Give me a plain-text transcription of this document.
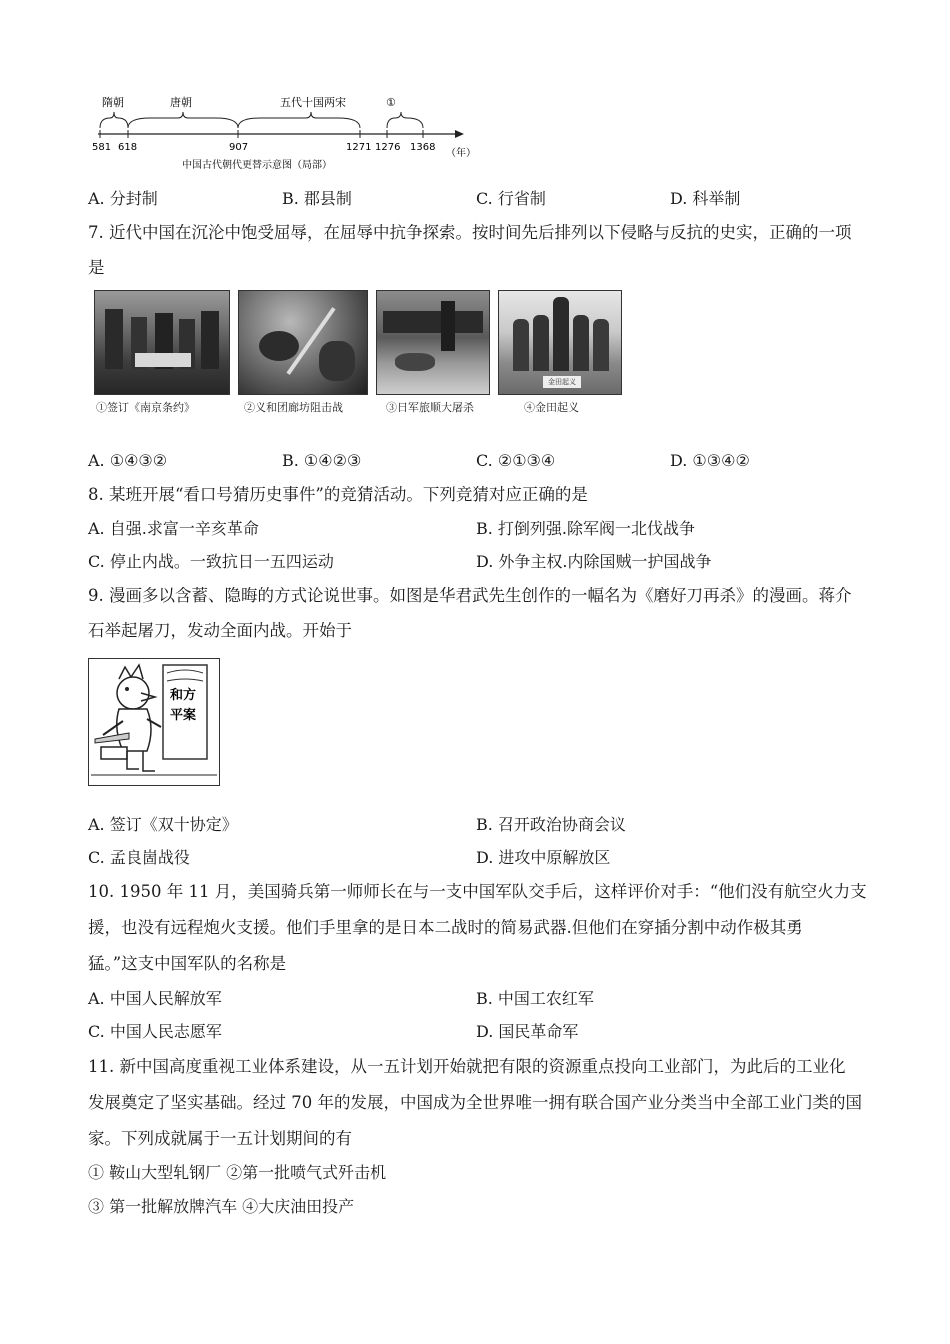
隋朝	唐朝	五代十国两宋	①
581 618	907	1271 1276 1368
（年）
中国古代朝代更替示意图（局部）
A. 分封制	B. 郡县制	C. 行省制	D. 科举制
7. 近代中国在沉沦中饱受屈辱，在屈辱中抗争探索。按时间先后排列以下侵略与反抗的史实，正确的一项
是
①签订《南京条约》	②义和团廊坊阻击战	③日军旅顺大屠杀
金田起义
④金田起义
A. ①④③②	B. ①④②③	C. ②①③④	D. ①③④②
8. 某班开展“看口号猜历史事件”的竞猜活动。下列竞猜对应正确的是
A. 自强.求富一辛亥革命	B. 打倒列强.除军阀一北伐战争
C. 停止内战。一致抗日一五四运动	D. 外争主权.内除国贼一护国战争
9. 漫画多以含蓄、隐晦的方式论说世事。如图是华君武先生创作的一幅名为《磨好刀再杀》的漫画。蒋介
石举起屠刀，发动全面内战。开始于
和方
平案
A. 签订《双十协定》	B. 召开政治协商会议
C. 孟良崮战役	D. 进攻中原解放区
10. 1950 年 11 月，美国骑兵第一师师长在与一支中国军队交手后，这样评价对手：“他们没有航空火力支
援，也没有远程炮火支援。他们手里拿的是日本二战时的简易武器.但他们在穿插分割中动作极其勇
猛。”这支中国军队的名称是
A. 中国人民解放军	B. 中国工农红军
C. 中国人民志愿军	D. 国民革命军
11. 新中国高度重视工业体系建设，从一五计划开始就把有限的资源重点投向工业部门，为此后的工业化
发展奠定了坚实基础。经过 70 年的发展，中国成为全世界唯一拥有联合国产业分类当中全部工业门类的国
家。下列成就属于一五计划期间的有
① 鞍山大型轧钢厂 ②第一批喷气式歼击机
③ 第一批解放牌汽车 ④大庆油田投产
